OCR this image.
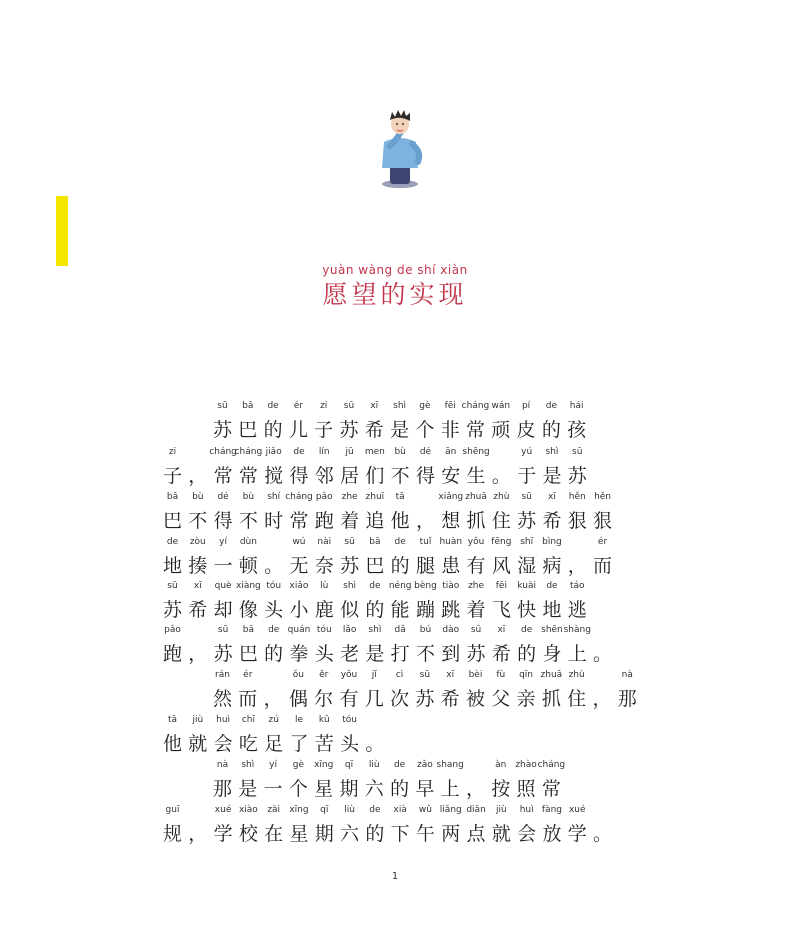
yuàn wàng de shí xiàn
愿望的实现
sū
苏
bā
巴
de
的
ér
儿
zi
子
sū
苏
xī
希
shì
是
gè
个
fēi
非
cháng
常
wán
顽
pí
皮
de
的
hái
孩
zi
子 ，
cháng
常
cháng
常
jiǎo
搅
de
得
lín
邻
jū
居
men
们
bù
不
dé
得
ān
安
shēng
生 。
yú
于
shì
是
sū
苏
bā
巴
bù
不
dé
得
bù
不
shí
时
cháng
常
pǎo
跑
zhe
着
zhuī
追
tā
他 ，
xiǎng
想
zhuā
抓
zhù
住
sū
苏
xī
希
hěn
狠
hěn
狠
de
地
zòu
揍
yí
一
dùn
顿 。
wú
无
nài
奈
sū
苏
bā
巴
de
的
tuǐ
腿
huàn
患
yǒu
有
fēng
风
shī
湿
bìng
病 ，
ér
而
sū
苏
xī
希
què
却
xiàng
像
tóu
头
xiǎo
小
lù
鹿
shì
似
de
的
néng
能
bèng
蹦
tiào
跳
zhe
着
fēi
飞
kuài
快
de
地
táo
逃
pǎo
跑 ，
sū
苏
bā
巴
de
的
quán
拳
tóu
头
lǎo
老
shì
是
dǎ
打
bú
不
dào
到
sū
苏
xī
希
de
的
shēn
身
shàng
上 。
rán
然
ér
而 ，
ǒu
偶
ěr
尔
yǒu
有
jǐ
几
cì
次
sū
苏
xī
希
bèi
被
fù
父
qīn
亲
zhuā
抓
zhù
住 ，
nà
那
tā
他
jiù
就
huì
会
chī
吃
zú
足
le
了
kǔ
苦
tóu
头 。
nà
那
shì
是
yí
一
gè
个
xīng
星
qī
期
liù
六
de
的
zǎo
早
shang
上 ，
àn
按
zhào
照
cháng
常
guī
规 ，
xué
学
xiào
校
zài
在
xīng
星
qī
期
liù
六
de
的
xià
下
wǔ
午
liǎng
两
diǎn
点
jiù
就
huì
会
fàng
放
xué
学 。
1
